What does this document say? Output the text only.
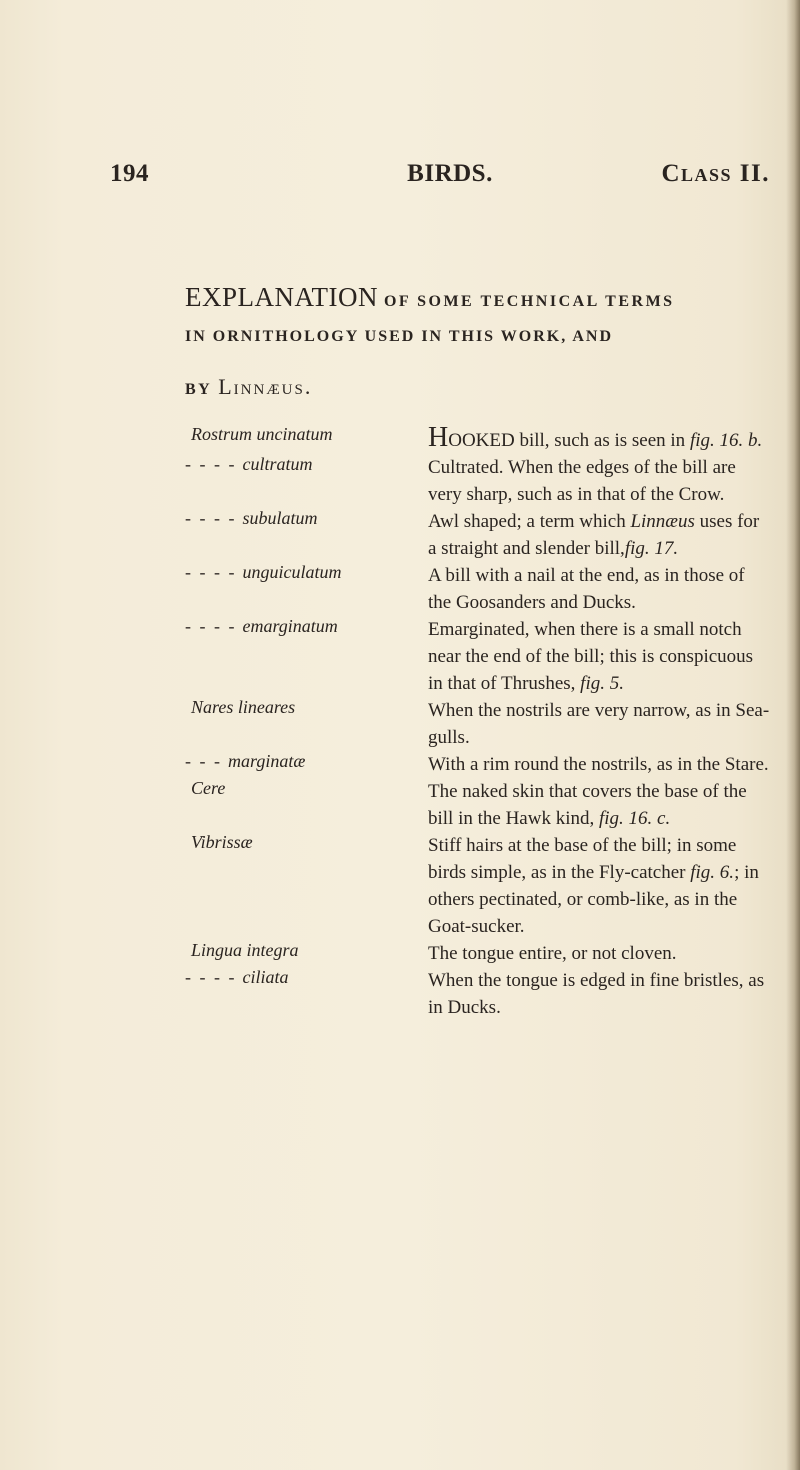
194	BIRDS.	Class II.
EXPLANATION OF SOME TECHNICAL TERMS
IN ORNITHOLOGY USED IN THIS WORK, AND
BY Linnæus.
Rostrum uncinatum	HOOKED bill, such as is seen in fig. 16. b.
- - - - cultratum	Cultrated. When the edges of the bill are very sharp, such as in that of the Crow.
- - - - subulatum	Awl shaped; a term which Linnæus uses for a straight and slender bill,fig. 17.
- - - - unguiculatum	A bill with a nail at the end, as in those of the Goosanders and Ducks.
- - - - emarginatum	Emarginated, when there is a small notch near the end of the bill; this is conspicuous in that of Thrushes, fig. 5.
Nares lineares	When the nostrils are very narrow, as in Sea-gulls.
- - - marginatæ	With a rim round the nostrils, as in the Stare.
Cere	The naked skin that covers the base of the bill in the Hawk kind, fig. 16. c.
Vibrissæ	Stiff hairs at the base of the bill; in some birds simple, as in the Fly-catcher fig. 6.; in others pectinated, or comb-like, as in the Goat-sucker.
Lingua integra	The tongue entire, or not cloven.
- - - - ciliata	When the tongue is edged in fine bristles, as in Ducks.
